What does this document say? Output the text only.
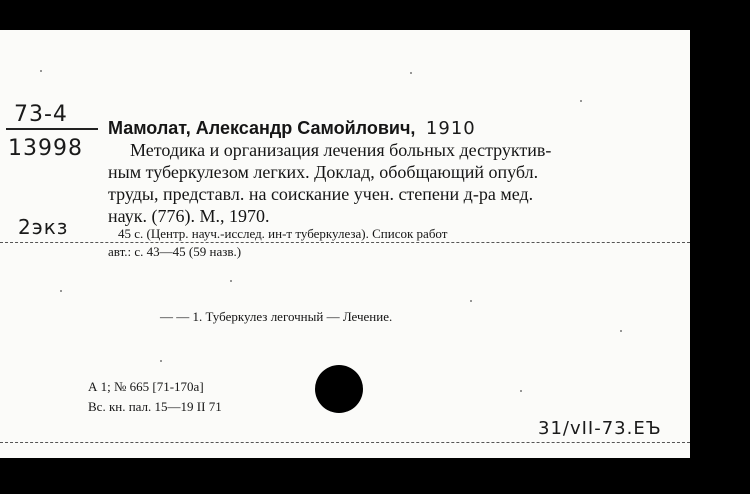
73-4
13998
2экз
Мамолат, Александр Самойлович, 1910
Методика и организация лечения больных деструктив-
ным туберкулезом легких. Доклад, обобщающий опубл.
труды, представл. на соискание учен. степени д-ра мед.
наук. (776). М., 1970.
45 с. (Центр. науч.-исслед. ин-т туберкулеза). Список работ
авт.: с. 43—45 (59 назв.)
— — 1. Туберкулез легочный — Лечение.
А 1; № 665 [71-170а]
Вс. кн. пал. 15—19 II 71
31/vII-73.ЕЪ
